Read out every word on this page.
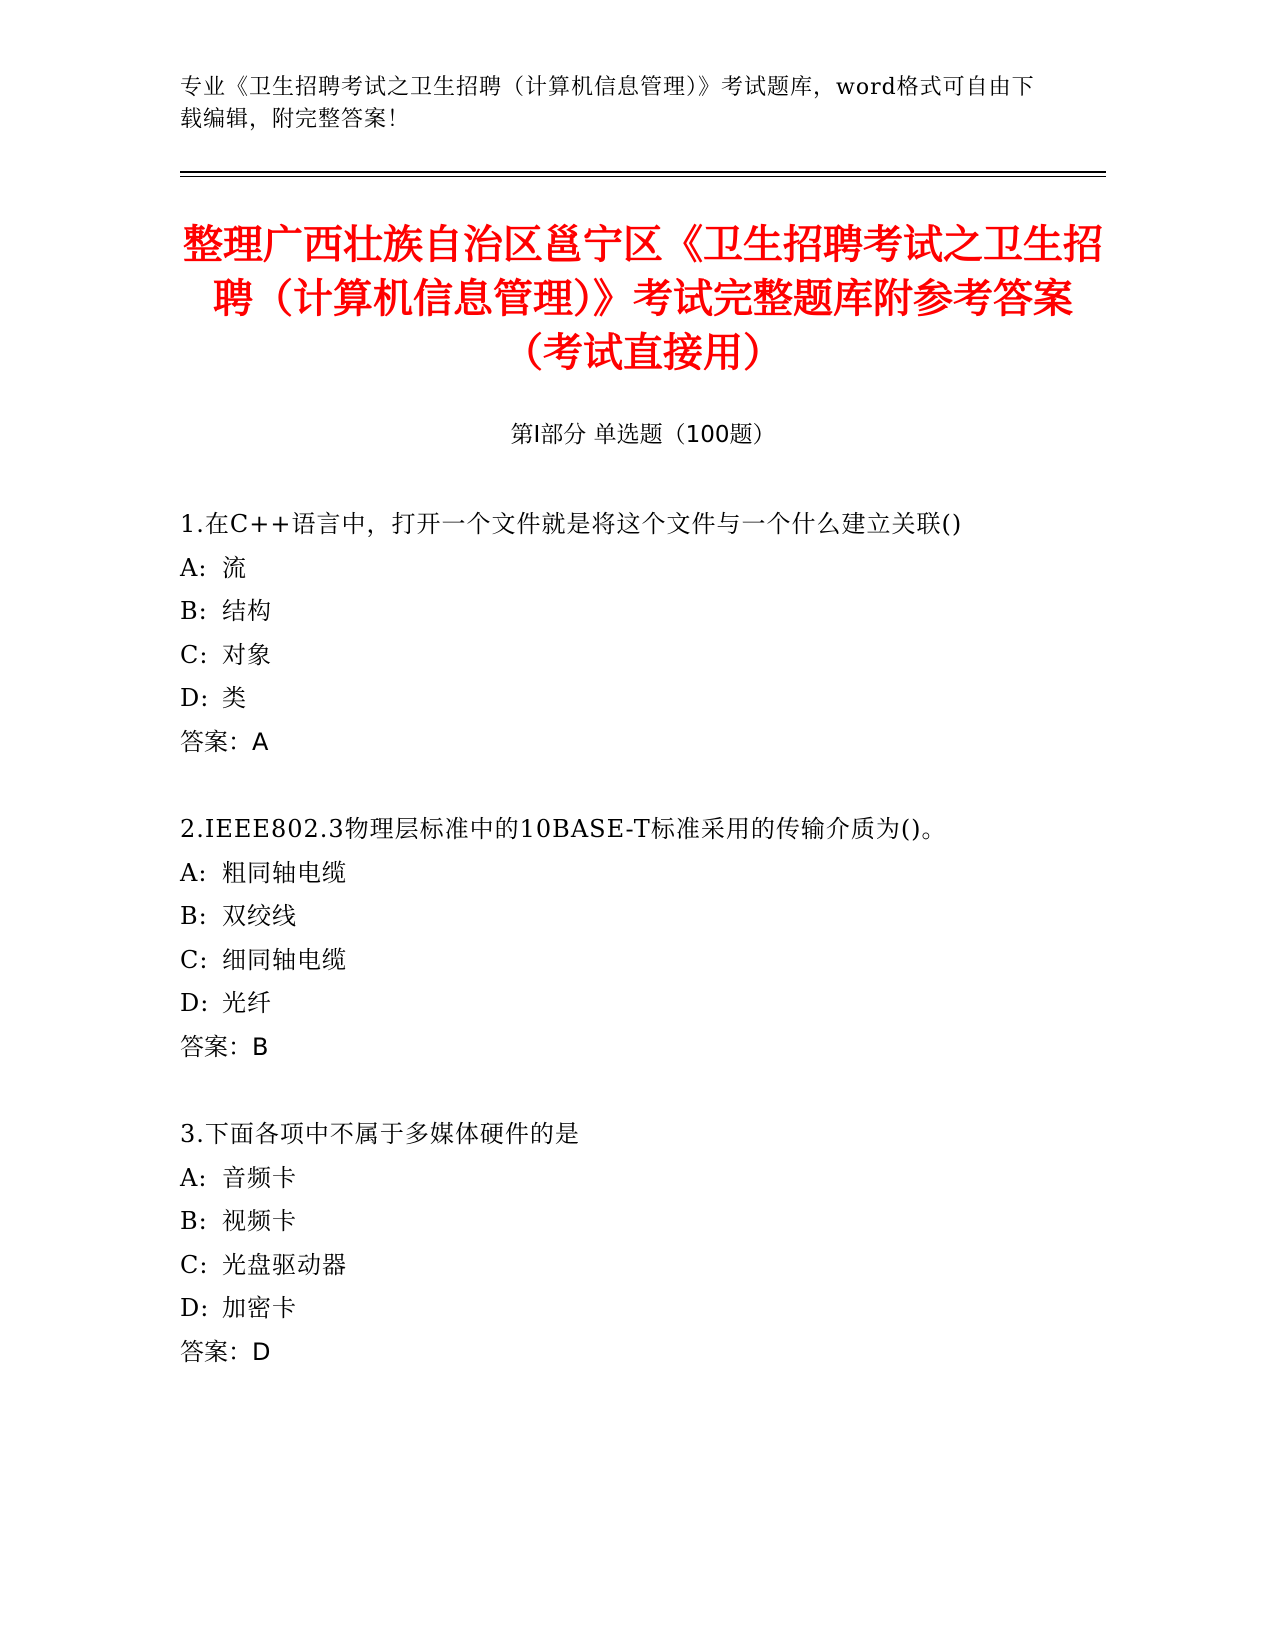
专业《卫生招聘考试之卫生招聘（计算机信息管理）》考试题库，word格式可自由下载编辑，附完整答案！
整理广西壮族自治区邕宁区《卫生招聘考试之卫生招聘（计算机信息管理）》考试完整题库附参考答案（考试直接用）
第Ⅰ部分 单选题（100题）
1.在C++语言中，打开一个文件就是将这个文件与一个什么建立关联()
A: 流
B: 结构
C: 对象
D: 类
答案：A
2.IEEE802.3物理层标准中的10BASE-T标准采用的传输介质为()。
A: 粗同轴电缆
B: 双绞线
C: 细同轴电缆
D: 光纤
答案：B
3.下面各项中不属于多媒体硬件的是
A: 音频卡
B: 视频卡
C: 光盘驱动器
D: 加密卡
答案：D
